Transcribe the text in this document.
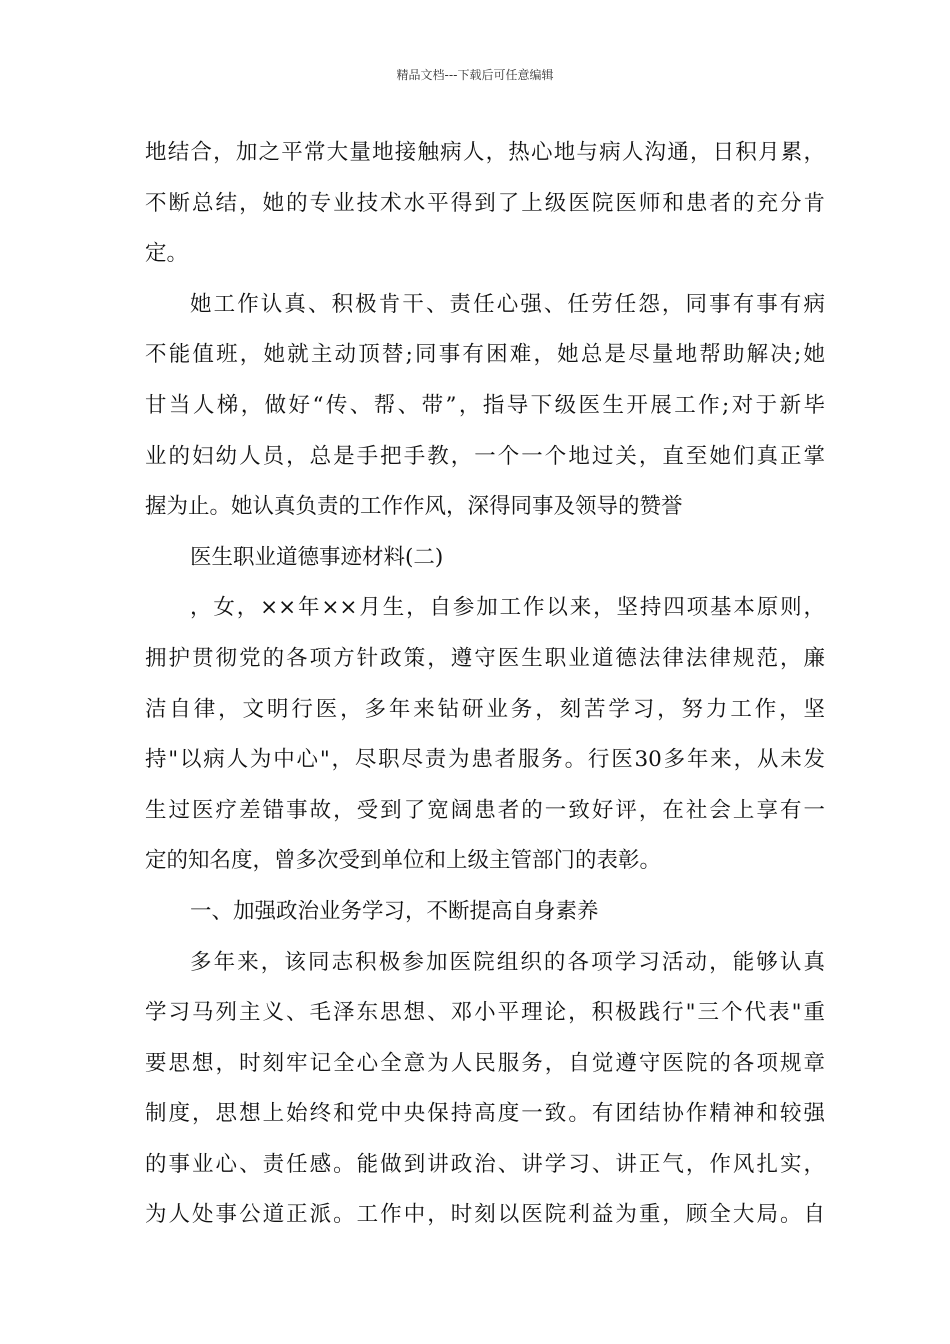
精品文档---下载后可任意编辑
地结合，加之平常大量地接触病人，热心地与病人沟通，日积月累，
不断总结，她的专业技术水平得到了上级医院医师和患者的充分肯
定。
她工作认真、积极肯干、责任心强、任劳任怨，同事有事有病
不能值班，她就主动顶替;同事有困难，她总是尽量地帮助解决;她
甘当人梯，做好“传、帮、带”，指导下级医生开展工作;对于新毕
业的妇幼人员，总是手把手教，一个一个地过关，直至她们真正掌
握为止。她认真负责的工作作风，深得同事及领导的赞誉
医生职业道德事迹材料(二)
，女，××年××月生，自参加工作以来，坚持四项基本原则，
拥护贯彻党的各项方针政策，遵守医生职业道德法律法律规范，廉
洁自律，文明行医，多年来钻研业务，刻苦学习，努力工作，坚
持"以病人为中心"，尽职尽责为患者服务。行医30多年来，从未发
生过医疗差错事故，受到了宽阔患者的一致好评，在社会上享有一
定的知名度，曾多次受到单位和上级主管部门的表彰。
一、加强政治业务学习，不断提高自身素养
多年来，该同志积极参加医院组织的各项学习活动，能够认真
学习马列主义、毛泽东思想、邓小平理论，积极践行"三个代表"重
要思想，时刻牢记全心全意为人民服务，自觉遵守医院的各项规章
制度，思想上始终和党中央保持高度一致。有团结协作精神和较强
的事业心、责任感。能做到讲政治、讲学习、讲正气，作风扎实，
为人处事公道正派。工作中，时刻以医院利益为重，顾全大局。自
